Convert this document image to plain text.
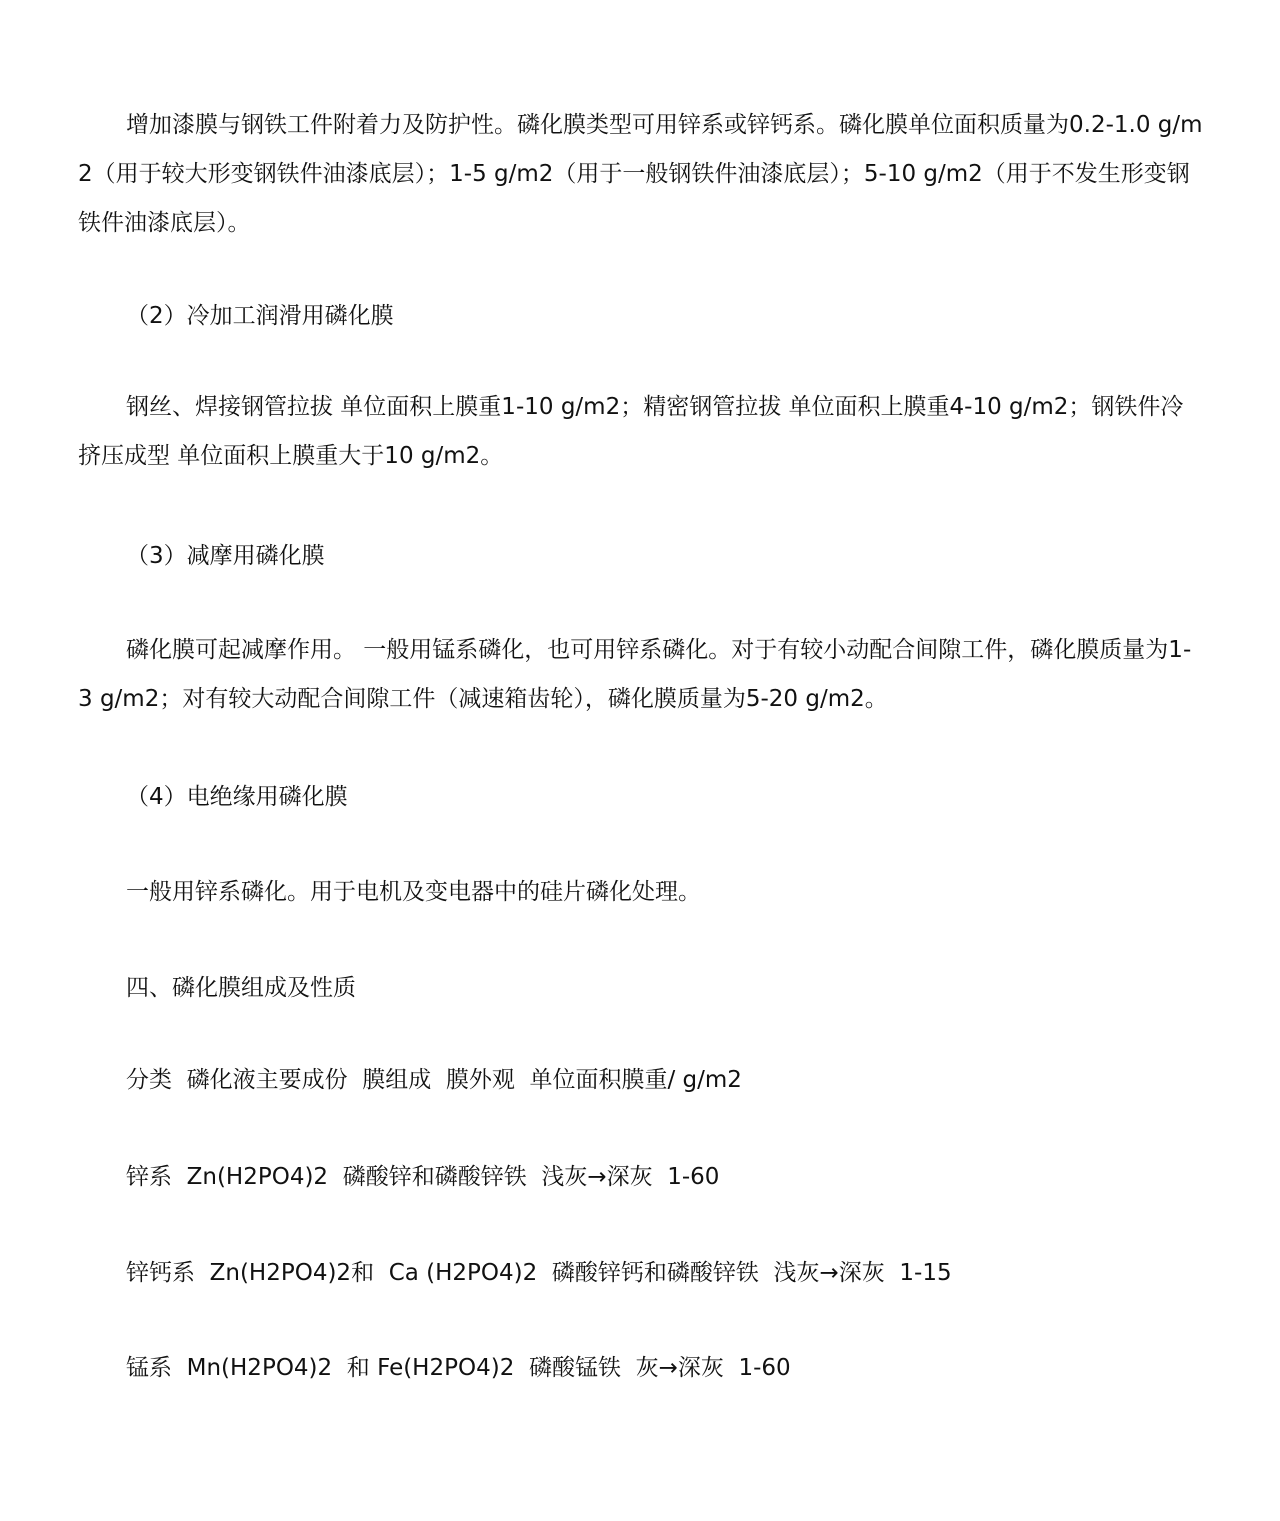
增加漆膜与钢铁工件附着力及防护性。磷化膜类型可用锌系或锌钙系。磷化膜单位面积质量为0.2-1.0 g/m2（用于较大形变钢铁件油漆底层）；1-5 g/m2（用于一般钢铁件油漆底层）；5-10 g/m2（用于不发生形变钢铁件油漆底层）。

（2）冷加工润滑用磷化膜

钢丝、焊接钢管拉拔 单位面积上膜重1-10 g/m2；精密钢管拉拔 单位面积上膜重4-10 g/m2；钢铁件冷挤压成型 单位面积上膜重大于10 g/m2。

（3）减摩用磷化膜

磷化膜可起减摩作用。 一般用锰系磷化，也可用锌系磷化。对于有较小动配合间隙工件，磷化膜质量为1-3 g/m2；对有较大动配合间隙工件（减速箱齿轮），磷化膜质量为5-20 g/m2。

（4）电绝缘用磷化膜

一般用锌系磷化。用于电机及变电器中的硅片磷化处理。

四、磷化膜组成及性质

分类  磷化液主要成份  膜组成  膜外观  单位面积膜重/ g/m2

锌系  Zn(H2PO4)2  磷酸锌和磷酸锌铁  浅灰→深灰  1-60

锌钙系  Zn(H2PO4)2和  Ca (H2PO4)2  磷酸锌钙和磷酸锌铁  浅灰→深灰  1-15

锰系  Mn(H2PO4)2  和 Fe(H2PO4)2  磷酸锰铁  灰→深灰  1-60
